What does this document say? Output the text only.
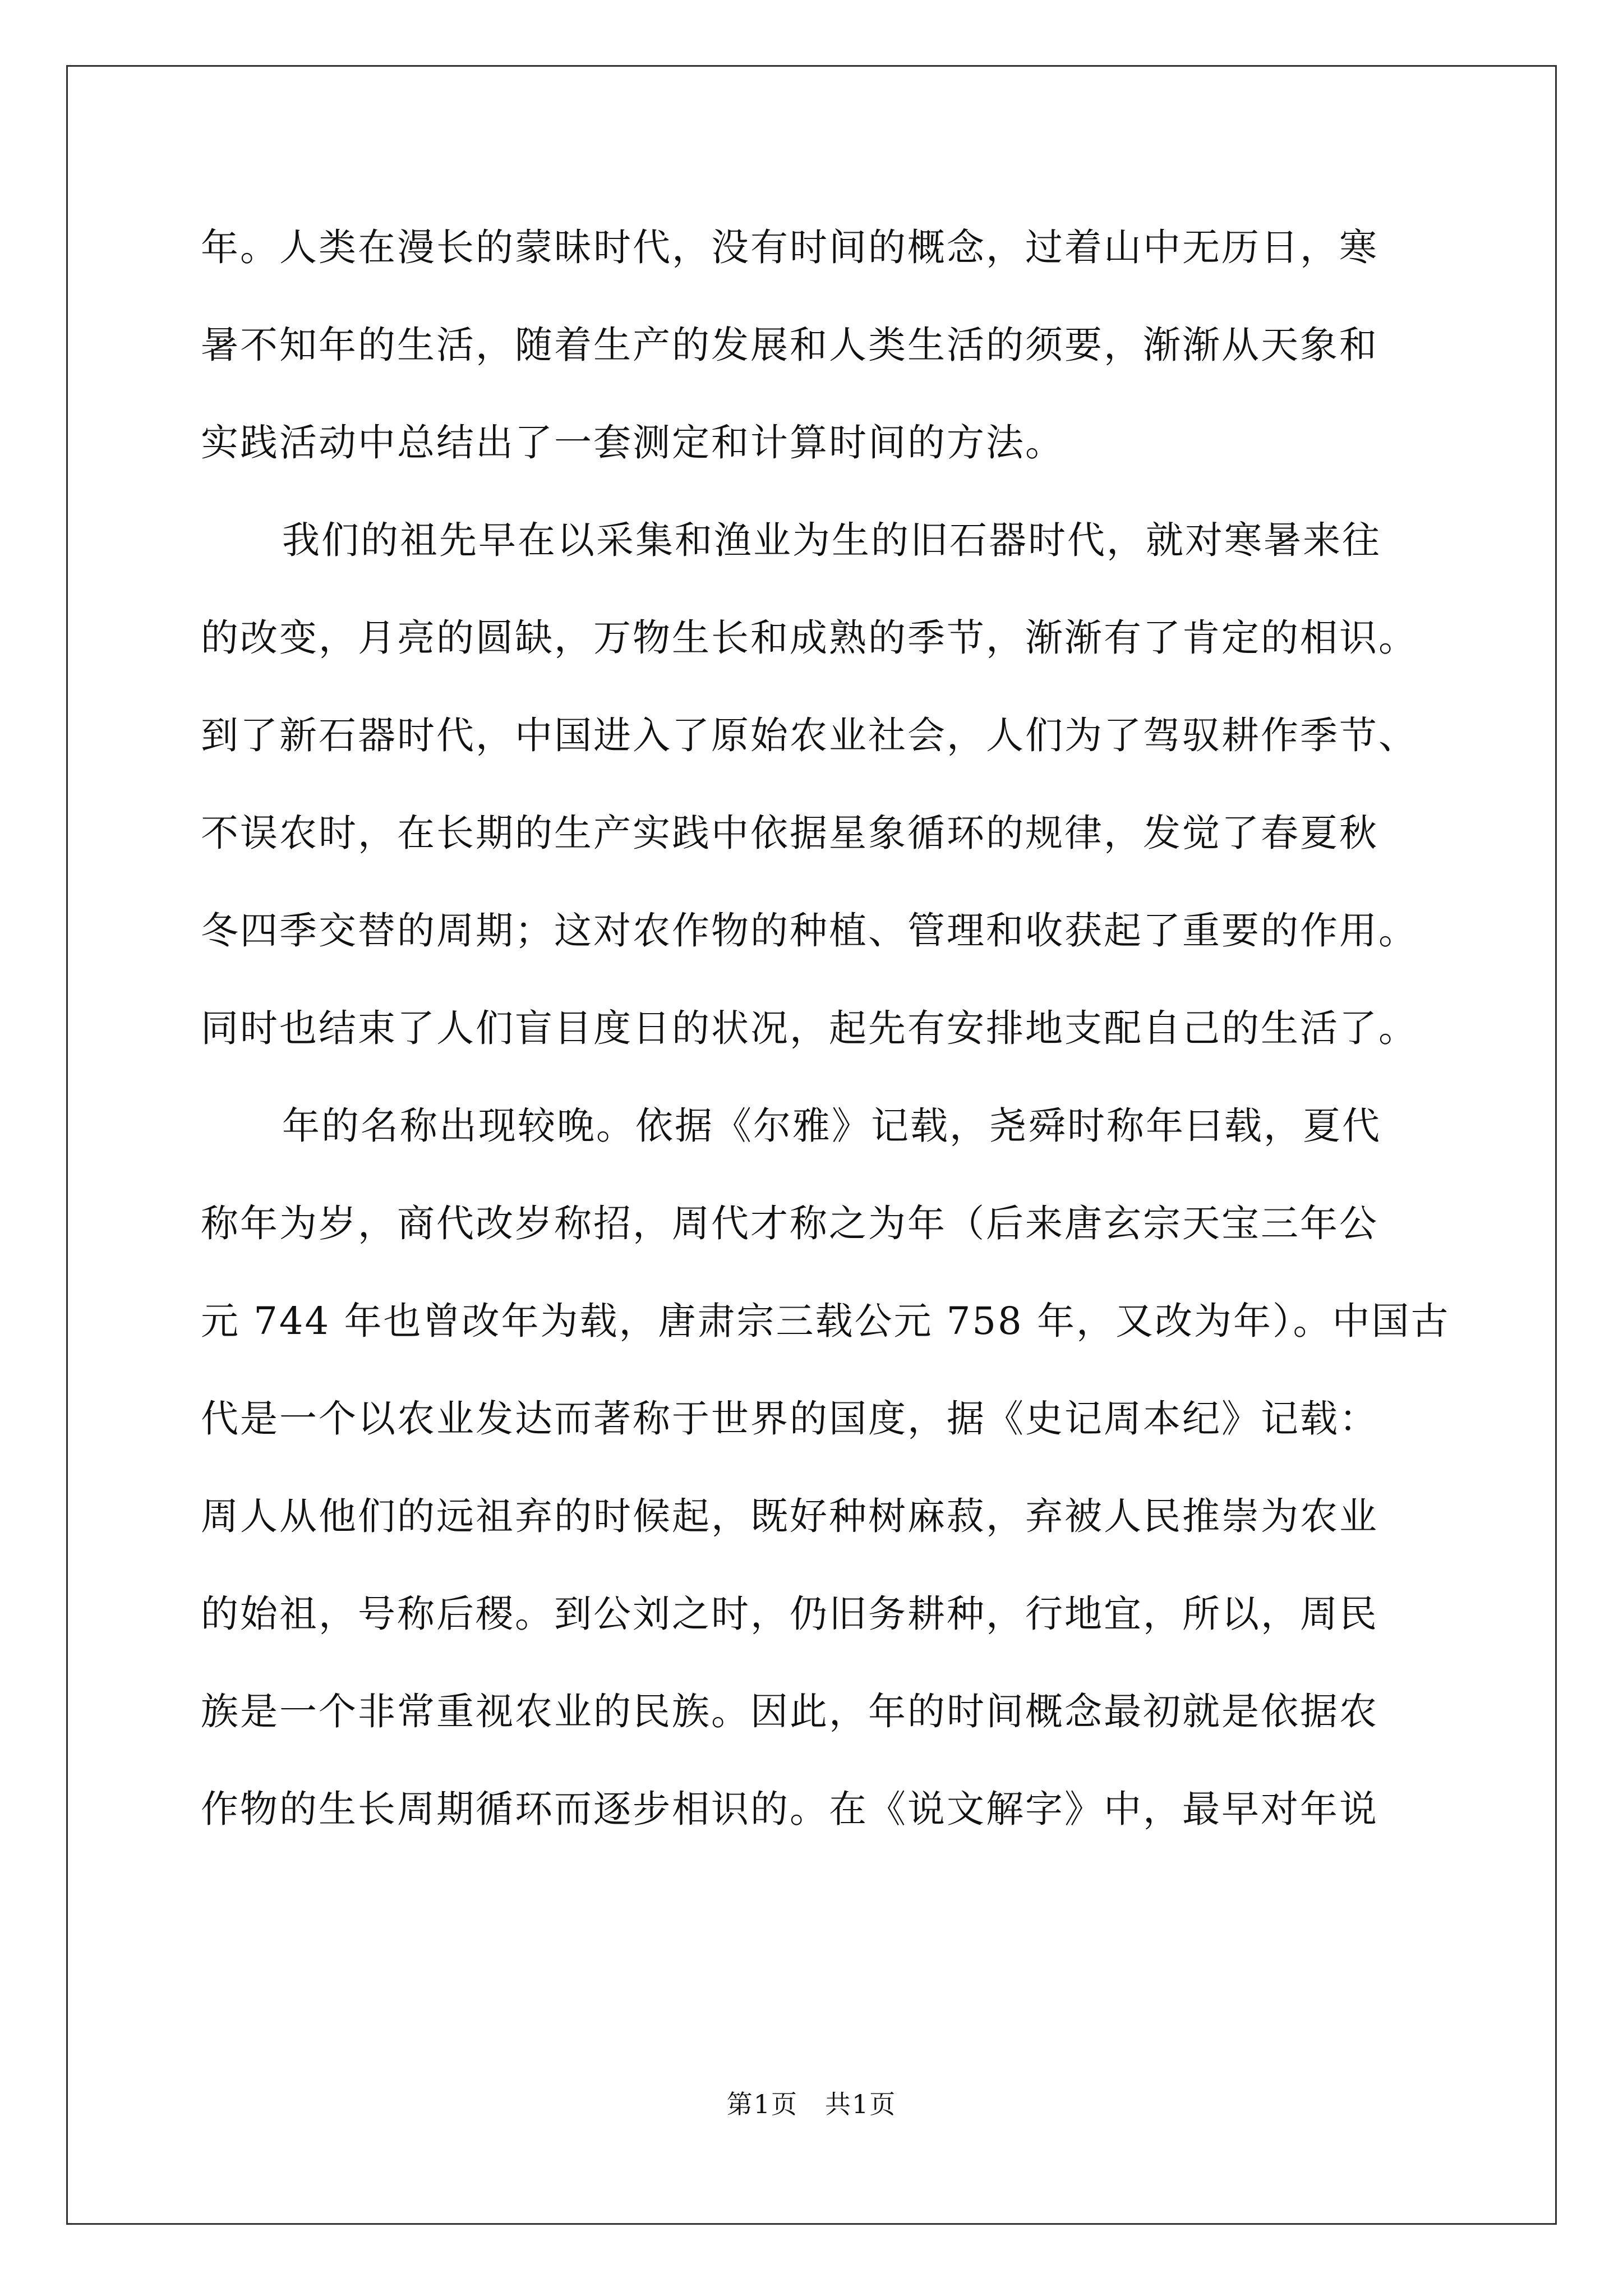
年。人类在漫长的蒙昧时代，没有时间的概念，过着山中无历日，寒
暑不知年的生活，随着生产的发展和人类生活的须要，渐渐从天象和
实践活动中总结出了一套测定和计算时间的方法。
我们的祖先早在以采集和渔业为生的旧石器时代，就对寒暑来往
的改变，月亮的圆缺，万物生长和成熟的季节，渐渐有了肯定的相识。
到了新石器时代，中国进入了原始农业社会，人们为了驾驭耕作季节、
不误农时，在长期的生产实践中依据星象循环的规律，发觉了春夏秋
冬四季交替的周期；这对农作物的种植、管理和收获起了重要的作用。
同时也结束了人们盲目度日的状况，起先有安排地支配自己的生活了。
年的名称出现较晚。依据《尔雅》记载，尧舜时称年曰载，夏代
称年为岁，商代改岁称招，周代才称之为年（后来唐玄宗天宝三年公
元 744 年也曾改年为载，唐肃宗三载公元 758 年，又改为年）。中国古
代是一个以农业发达而著称于世界的国度，据《史记周本纪》记载：
周人从他们的远祖弃的时候起，既好种树麻菽，弃被人民推崇为农业
的始祖，号称后稷。到公刘之时，仍旧务耕种，行地宜，所以，周民
族是一个非常重视农业的民族。因此，年的时间概念最初就是依据农
作物的生长周期循环而逐步相识的。在《说文解字》中，最早对年说
第1页　共1页
